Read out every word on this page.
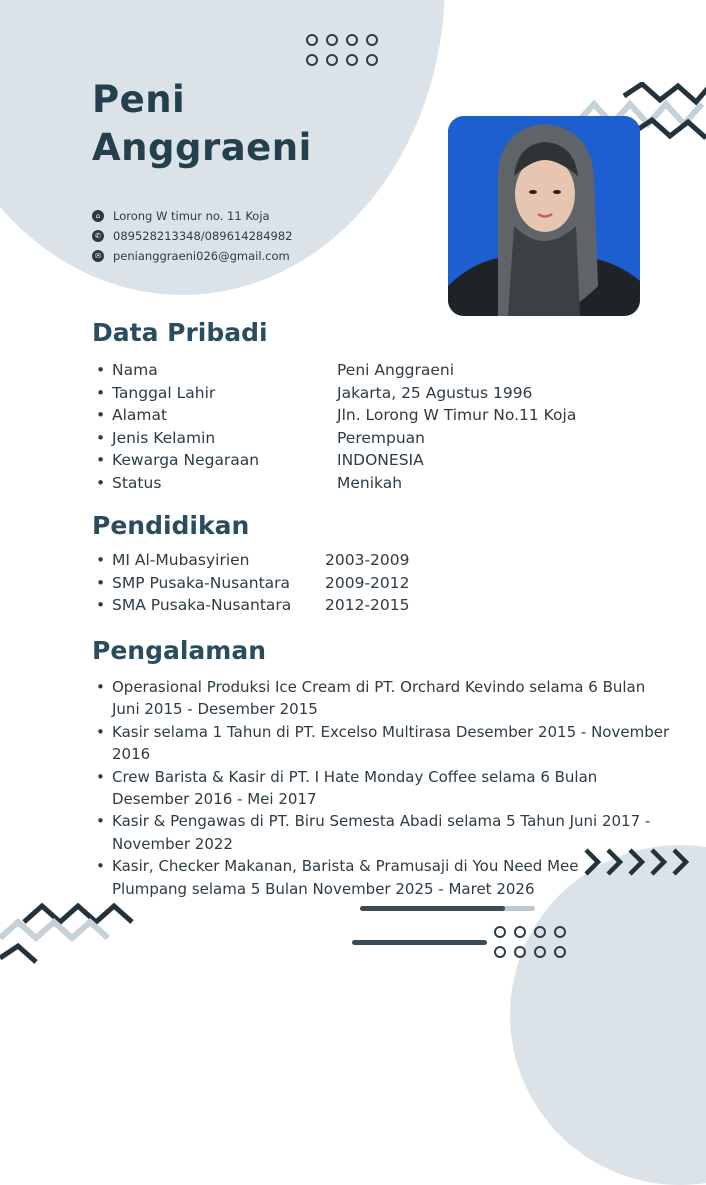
Peni
Anggraeni
⌂	Lorong W timur no. 11 Koja
✆ 089528213348/089614284982
✉ penianggraeni026@gmail.com
Data Pribadi
• Nama
• Tanggal Lahir
• Alamat
• Jenis Kelamin
• Kewarga Negaraan
• Status
Peni Anggraeni
Jakarta, 25 Agustus 1996
Jln. Lorong W Timur No.11 Koja
Perempuan
INDONESIA
Menikah
Pendidikan
• MI Al-Mubasyirien
• SMP Pusaka-Nusantara
• SMA Pusaka-Nusantara
2003-2009
2009-2012
2012-2015
Pengalaman
• Operasional Produksi Ice Cream di PT. Orchard Kevindo selama 6 Bulan Juni 2015 - Desember 2015
• Kasir selama 1 Tahun di PT. Excelso Multirasa Desember 2015 - November 2016
• Crew Barista & Kasir di PT. I Hate Monday Coffee selama 6 Bulan Desember 2016 - Mei 2017
• Kasir & Pengawas di PT. Biru Semesta Abadi selama 5 Tahun Juni 2017 - November 2022
• Kasir, Checker Makanan, Barista & Pramusaji di You Need Mee Plumpang selama 5 Bulan November 2025 - Maret 2026
